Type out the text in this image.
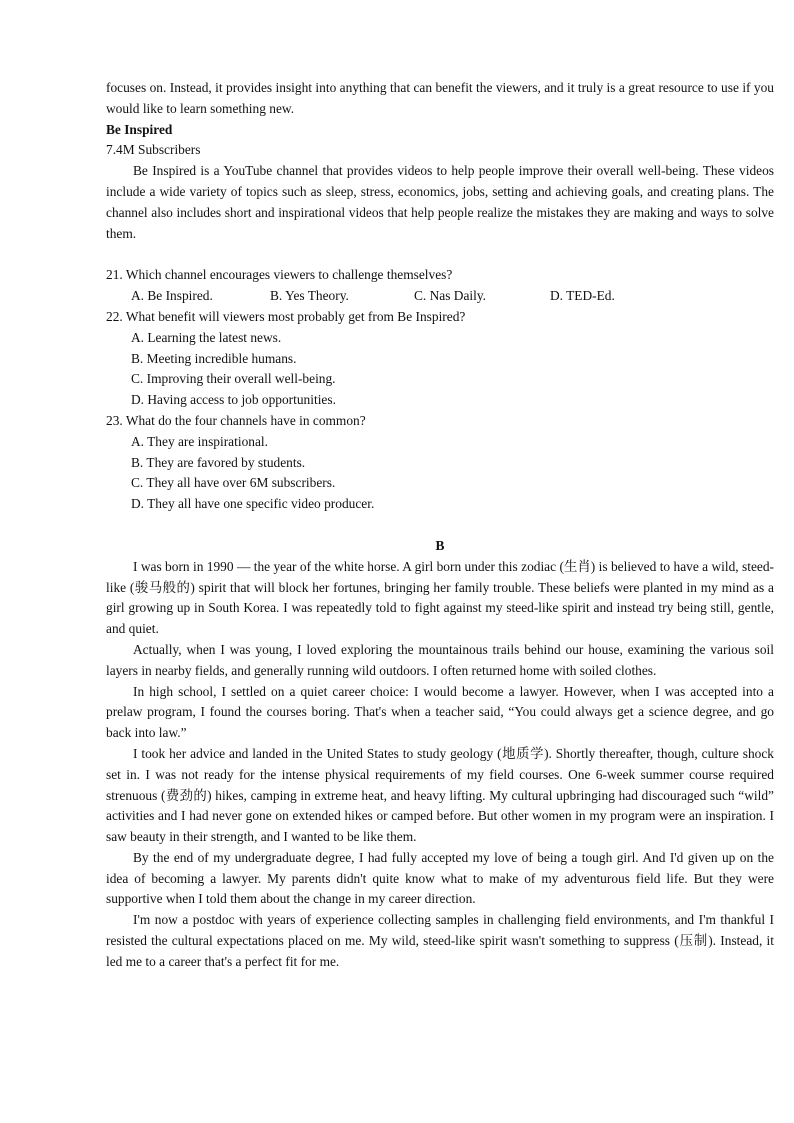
focuses on. Instead, it provides insight into anything that can benefit the viewers, and it truly is a great resource to use if you would like to learn something new.

Be Inspired

7.4M Subscribers

Be Inspired is a YouTube channel that provides videos to help people improve their overall well-being. These videos include a wide variety of topics such as sleep, stress, economics, jobs, setting and achieving goals, and creating plans. The channel also includes short and inspirational videos that help people realize the mistakes they are making and ways to solve them.

21. Which channel encourages viewers to challenge themselves?

A. Be Inspired.	B. Yes Theory.	C. Nas Daily.	D. TED-Ed.

22. What benefit will viewers most probably get from Be Inspired?

A. Learning the latest news.

B. Meeting incredible humans.

C. Improving their overall well-being.

D. Having access to job opportunities.

23. What do the four channels have in common?

A. They are inspirational.

B. They are favored by students.

C. They all have over 6M subscribers.

D. They all have one specific video producer.

B

I was born in 1990 — the year of the white horse. A girl born under this zodiac (生肖) is believed to have a wild, steed-like (骏马般的) spirit that will block her fortunes, bringing her family trouble. These beliefs were planted in my mind as a girl growing up in South Korea. I was repeatedly told to fight against my steed-like spirit and instead try being still, gentle, and quiet.

Actually, when I was young, I loved exploring the mountainous trails behind our house, examining the various soil layers in nearby fields, and generally running wild outdoors. I often returned home with soiled clothes.

In high school, I settled on a quiet career choice: I would become a lawyer. However, when I was accepted into a prelaw program, I found the courses boring. That's when a teacher said, “You could always get a science degree, and go back into law.”

I took her advice and landed in the United States to study geology (地质学). Shortly thereafter, though, culture shock set in. I was not ready for the intense physical requirements of my field courses. One 6-week summer course required strenuous (费劲的) hikes, camping in extreme heat, and heavy lifting. My cultural upbringing had discouraged such “wild” activities and I had never gone on extended hikes or camped before. But other women in my program were an inspiration. I saw beauty in their strength, and I wanted to be like them.

By the end of my undergraduate degree, I had fully accepted my love of being a tough girl. And I'd given up on the idea of becoming a lawyer. My parents didn't quite know what to make of my adventurous field life. But they were supportive when I told them about the change in my career direction.

I'm now a postdoc with years of experience collecting samples in challenging field environments, and I'm thankful I resisted the cultural expectations placed on me. My wild, steed-like spirit wasn't something to suppress (压制). Instead, it led me to a career that's a perfect fit for me.
